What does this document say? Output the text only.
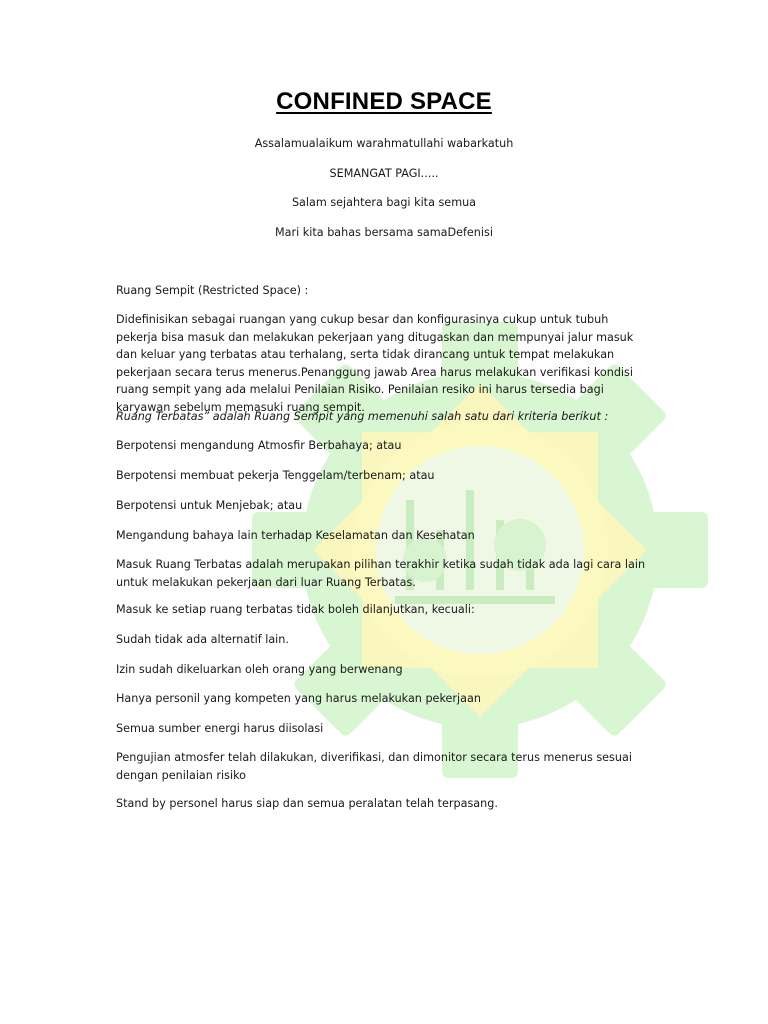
CONFINED SPACE
Assalamualaikum warahmatullahi wabarkatuh
SEMANGAT PAGI.....
Salam sejahtera bagi kita semua
Mari kita bahas bersama samaDefenisi
Ruang Sempit (Restricted Space) :
Didefinisikan sebagai ruangan yang cukup besar dan konfigurasinya cukup untuk tubuh pekerja bisa masuk dan melakukan pekerjaan yang ditugaskan dan mempunyai jalur masuk dan keluar yang terbatas atau terhalang, serta tidak dirancang untuk tempat melakukan pekerjaan secara terus menerus.Penanggung jawab Area harus melakukan verifikasi kondisi ruang sempit yang ada melalui Penilaian Risiko. Penilaian resiko ini harus tersedia bagi karyawan sebelum memasuki ruang sempit.
Ruang Terbatas” adalah Ruang Sempit yang memenuhi salah satu dari kriteria berikut :
Berpotensi mengandung Atmosfir Berbahaya; atau
Berpotensi membuat pekerja Tenggelam/terbenam; atau
Berpotensi untuk Menjebak; atau
Mengandung bahaya lain terhadap Keselamatan dan Kesehatan
Masuk Ruang Terbatas adalah merupakan pilihan terakhir ketika sudah tidak ada lagi cara lain untuk melakukan pekerjaan dari luar Ruang Terbatas.
Masuk ke setiap ruang terbatas tidak boleh dilanjutkan, kecuali:
Sudah tidak ada alternatif lain.
Izin sudah dikeluarkan oleh orang yang berwenang
Hanya personil yang kompeten yang harus melakukan pekerjaan
Semua sumber energi harus diisolasi
Pengujian atmosfer telah dilakukan, diverifikasi, dan dimonitor secara terus menerus sesuai dengan penilaian risiko
Stand by personel harus siap dan semua peralatan telah terpasang.
